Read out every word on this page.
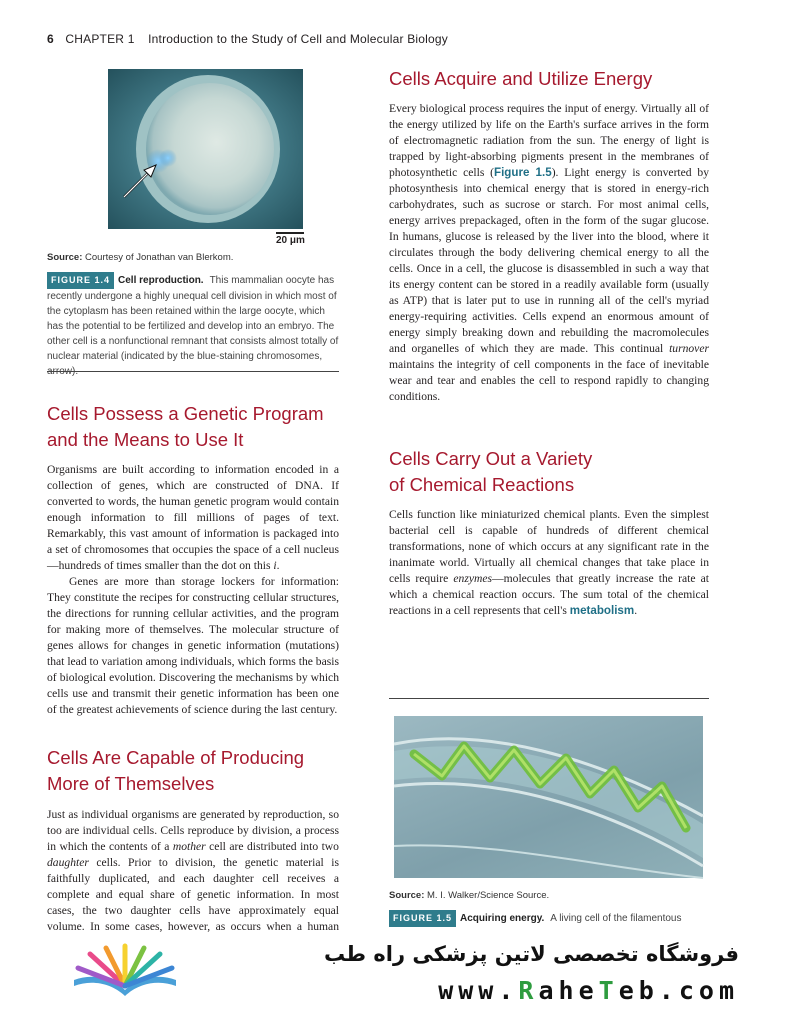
6 CHAPTER 1 Introduction to the Study of Cell and Molecular Biology
20 μm
Source: Courtesy of Jonathan van Blerkom.
FIGURE 1.4 Cell reproduction. This mammalian oocyte has recently undergone a highly unequal cell division in which most of the cytoplasm has been retained within the large oocyte, which has the potential to be fertilized and develop into an embryo. The other cell is a nonfunctional remnant that consists almost totally of nuclear material (indicated by the blue-staining chromosomes,
Cells Possess a Genetic Program
and the Means to Use It

Organisms are built according to information encoded in a collection of genes, which are constructed of DNA. If converted to words, the human genetic program would contain enough information to fill millions of pages of text. Remarkably, this vast amount of information is packaged into a set of chromosomes that occupies the space of a cell nucleus—hundreds of times smaller than the dot on this i.

Genes are more than storage lockers for information: They constitute the recipes for constructing cellular structures, the directions for running cellular activities, and the program for making more of themselves. The molecular structure of genes allows for changes in genetic information (mutations) that lead to variation among individuals, which forms the basis of biological evolution. Discovering the mechanisms by which cells use and transmit their genetic information has been one of the greatest achievements of science during the last century.

Cells Are Capable of Producing
More of Themselves

Just as individual organisms are generated by reproduction, so too are individual cells. Cells reproduce by division, a process in which the contents of a mother cell are distributed into two daughter cells. Prior to division, the genetic material is faithfully duplicated, and each daughter cell receives a complete and equal share of genetic information. In most cases, the two daughter cells have approximately equal volume. In some cases, however, as occurs when a human

Cells Acquire and Utilize Energy

Every biological process requires the input of energy. Virtually all of the energy utilized by life on the Earth's surface arrives in the form of electromagnetic radiation from the sun. The energy of light is trapped by light-absorbing pigments present in the membranes of photosynthetic cells (Figure 1.5). Light energy is converted by photosynthesis into chemical energy that is stored in energy-rich carbohydrates, such as sucrose or starch. For most animal cells, energy arrives prepackaged, often in the form of the sugar glucose. In humans, glucose is released by the liver into the blood, where it circulates through the body delivering chemical energy to all the cells. Once in a cell, the glucose is disassembled in such a way that its energy content can be stored in a readily available form (usually as ATP) that is later put to use in running all of the cell's myriad energy-requiring activities. Cells expend an enormous amount of energy simply breaking down and rebuilding the macromolecules and organelles of which they are made. This continual turnover maintains the integrity of cell components in the face of inevitable wear and tear and enables the cell to respond rapidly to changing conditions.

Cells Carry Out a Variety
of Chemical Reactions

Cells function like miniaturized chemical plants. Even the simplest bacterial cell is capable of hundreds of different chemical transformations, none of which occurs at any significant rate in the inanimate world. Virtually all chemical changes that take place in cells require enzymes—molecules that greatly increase the rate at which a chemical reaction occurs. The sum total of the chemical reactions in a cell represents that cell's metabolism.

Source: M. I. Walker/Science Source.
FIGURE 1.5 Acquiring energy. A living cell of the filamentous
فروشگاه تخصصی لاتین پزشکی راه طب
www.RaheTeb.com
